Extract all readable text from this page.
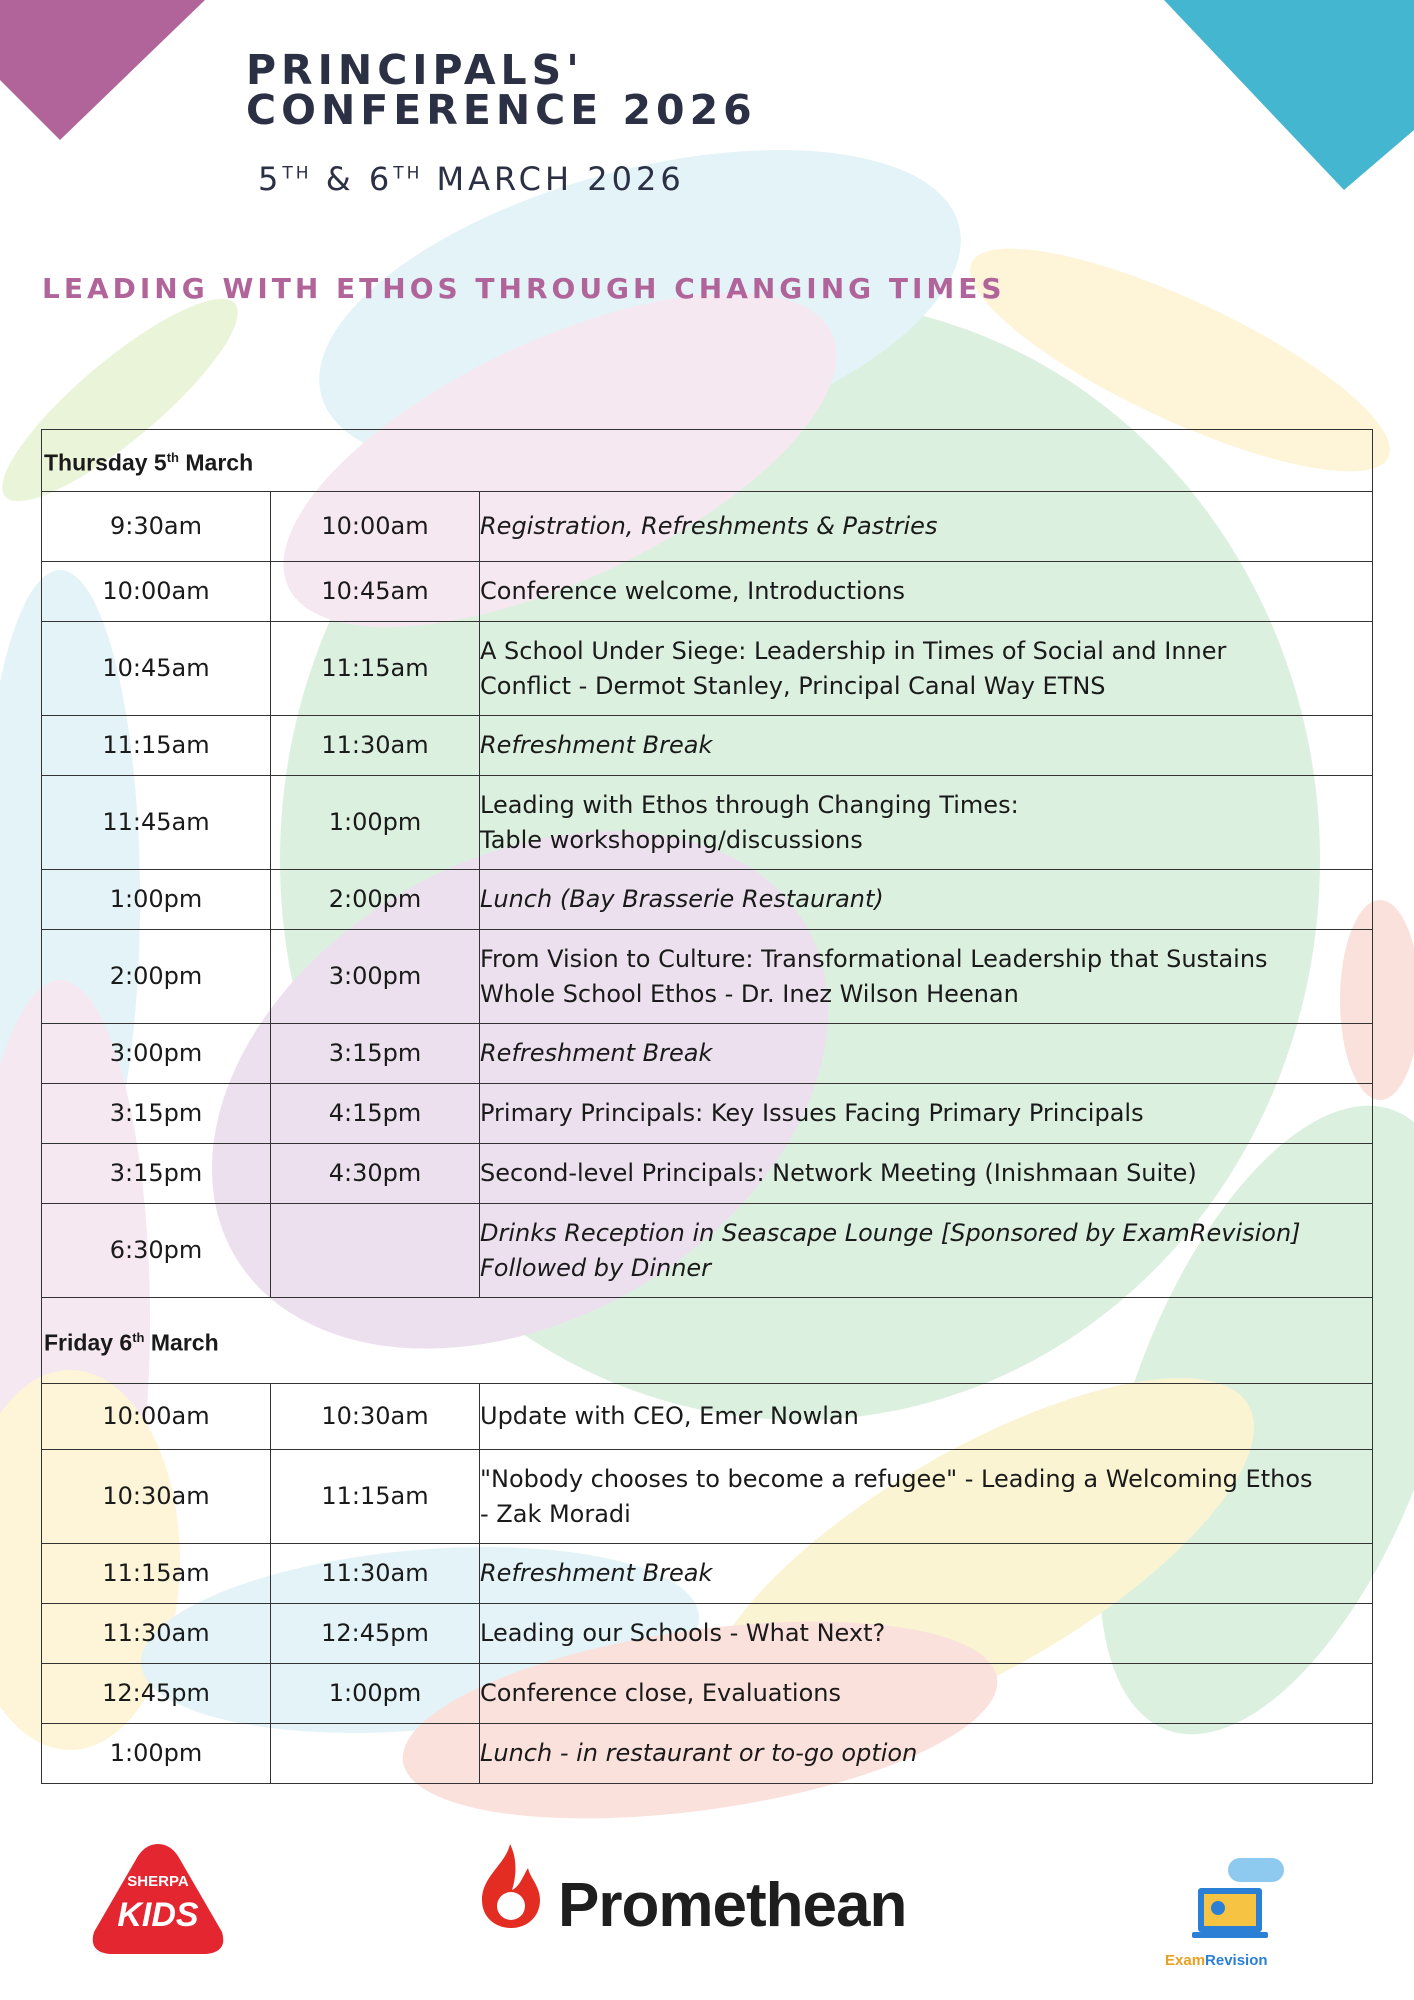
PRINCIPALS'
CONFERENCE 2026
5TH & 6TH MARCH 2026
LEADING WITH ETHOS THROUGH CHANGING TIMES
Thursday 5th March		
9:30am	10:00am	Registration, Refreshments & Pastries
10:00am	10:45am	Conference welcome, Introductions
10:45am	11:15am	A School Under Siege: Leadership in Times of Social and Inner
Conflict - Dermot Stanley, Principal Canal Way ETNS

11:15am	11:30am	Refreshment Break
11:45am	1:00pm	Leading with Ethos through Changing Times:
Table workshopping/discussions

1:00pm	2:00pm	Lunch (Bay Brasserie Restaurant)
2:00pm	3:00pm	From Vision to Culture: Transformational Leadership that Sustains
Whole School Ethos - Dr. Inez Wilson Heenan

3:00pm	3:15pm	Refreshment Break
3:15pm	4:15pm	Primary Principals: Key Issues Facing Primary Principals
3:15pm	4:30pm	Second-level Principals: Network Meeting (Inishmaan Suite)
6:30pm		Drinks Reception in Seascape Lounge [Sponsored by ExamRevision]
Followed by Dinner

Friday 6th March		
10:00am	10:30am	Update with CEO, Emer Nowlan
10:30am	11:15am	"Nobody chooses to become a refugee" - Leading a Welcoming Ethos
- Zak Moradi

11:15am	11:30am	Refreshment Break
11:30am	12:45pm	Leading our Schools - What Next?
12:45pm	1:00pm	Conference close, Evaluations
1:00pm		Lunch - in restaurant or to-go option
SHERPA
KIDS	Promethean
ExamRevision
